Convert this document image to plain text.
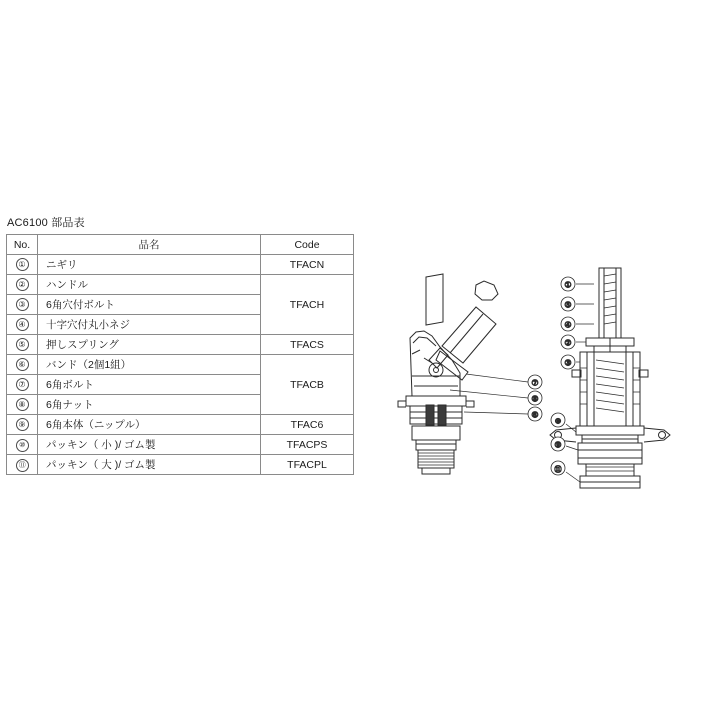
AC6100 部品表
No.	品名	Code
①	ニギリ	TFACN
②	ハンドル	TFACH
③	6角穴付ボルト	
④	十字穴付丸小ネジ	
⑤	押しスプリング	TFACS
⑥	バンド（2個1組）	TFACB
⑦	6角ボルト	
⑧	6角ナット	
⑨	6角本体（ニップル）	TFAC6
⑩	パッキン（ 小 )/ ゴム製	TFACPS
⑪	パッキン（ 大 )/ ゴム製	TFACPL
①
⑤
④
②
③
⑩
⑨
⑪
⑦
⑧
⑥
